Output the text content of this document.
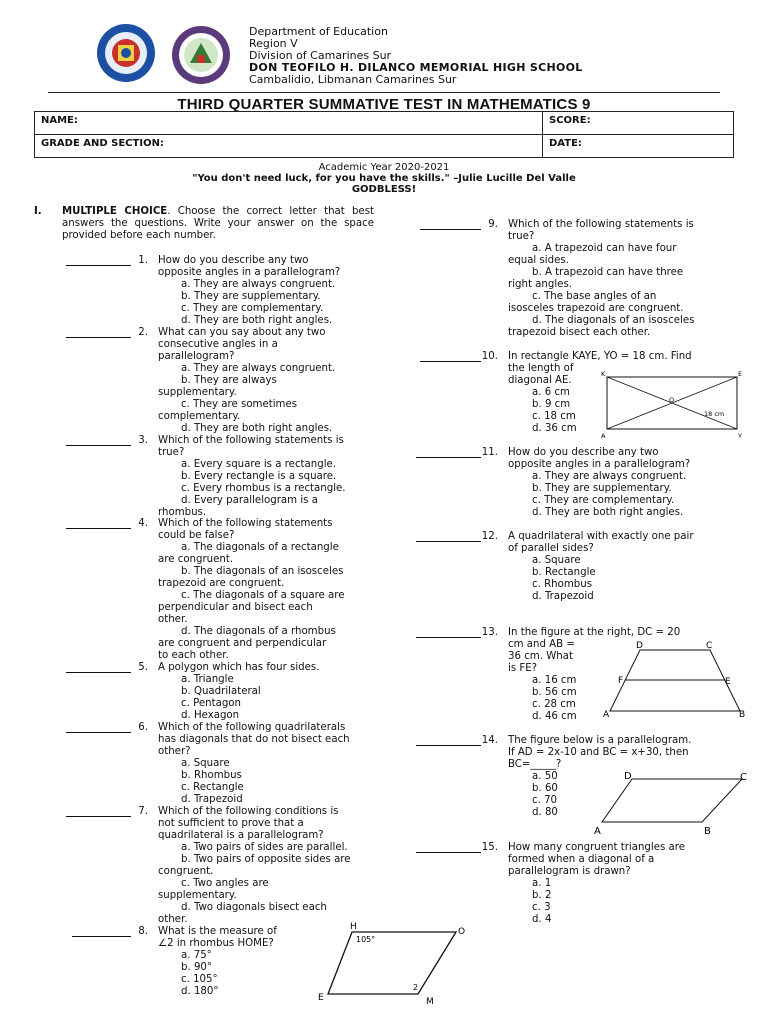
Department of Education
Region V
Division of Camarines Sur
DON TEOFILO H. DILANCO MEMORIAL HIGH SCHOOL
Cambalidio, Libmanan Camarines Sur
THIRD QUARTER SUMMATIVE TEST IN MATHEMATICS 9
NAME:	SCORE:
GRADE AND SECTION:	DATE:
Academic Year 2020-2021
"You don't need luck, for you have the skills." –Julie Lucille Del Valle
GODBLESS!
I. MULTIPLE CHOICE. Choose the correct letter that best answers the questions. Write your answer on the space provided before each number.
1. How do you describe any two
opposite angles in a parallelogram?
a. They are always congruent.
b. They are supplementary.
c. They are complementary.
d. They are both right angles.
2. What can you say about any two
consecutive angles in a
parallelogram?
a. They are always congruent.
b. They are always
supplementary.
c. They are sometimes
complementary.
d. They are both right angles.
3. Which of the following statements is
true?
a. Every square is a rectangle.
b. Every rectangle is a square.
c. Every rhombus is a rectangle.
d. Every parallelogram is a
rhombus.
4. Which of the following statements
could be false?
a. The diagonals of a rectangle
are congruent.
b. The diagonals of an isosceles
trapezoid are congruent.
c. The diagonals of a square are
perpendicular and bisect each
other.
d. The diagonals of a rhombus
are congruent and perpendicular
to each other.
5. A polygon which has four sides.
a. Triangle
b. Quadrilateral
c. Pentagon
d. Hexagon
6. Which of the following quadrilaterals
has diagonals that do not bisect each
other?
a. Square
b. Rhombus
c. Rectangle
d. Trapezoid
7. Which of the following conditions is
not sufficient to prove that a
quadrilateral is a parallelogram?
a. Two pairs of sides are parallel.
b. Two pairs of opposite sides are
congruent.
c. Two angles are
supplementary.
d. Two diagonals bisect each
other.
8. What is the measure of
∠2 in rhombus HOME?
a. 75°
b. 90°
c. 105°
d. 180°
9. Which of the following statements is
true?
a. A trapezoid can have four
equal sides.
b. A trapezoid can have three
right angles.
c. The base angles of an
isosceles trapezoid are congruent.
d. The diagonals of an isosceles
trapezoid bisect each other.
10. In rectangle KAYE, YO = 18 cm. Find
the length of
diagonal AE.
a. 6 cm
b. 9 cm
c. 18 cm
d. 36 cm
11. How do you describe any two
opposite angles in a parallelogram?
a. They are always congruent.
b. They are supplementary.
c. They are complementary.
d. They are both right angles.
12. A quadrilateral with exactly one pair
of parallel sides?
a. Square
b. Rectangle
c. Rhombus
d. Trapezoid
13. In the figure at the right, DC = 20
cm and AB =
36 cm. What
is FE?
a. 16 cm
b. 56 cm
c. 28 cm
d. 46 cm
14. The figure below is a parallelogram.
If AD = 2x-10 and BC = x+30, then
BC=_____?
a. 50
b. 60
c. 70
d. 80
15. How many congruent triangles are
formed when a diagonal of a
parallelogram is drawn?
a. 1
b. 2
c. 3
d. 4
H	O
M
E
105°
2
K	E
A	Y
O
18 cm
D	C
F	E
A	B
D	C
A	B
